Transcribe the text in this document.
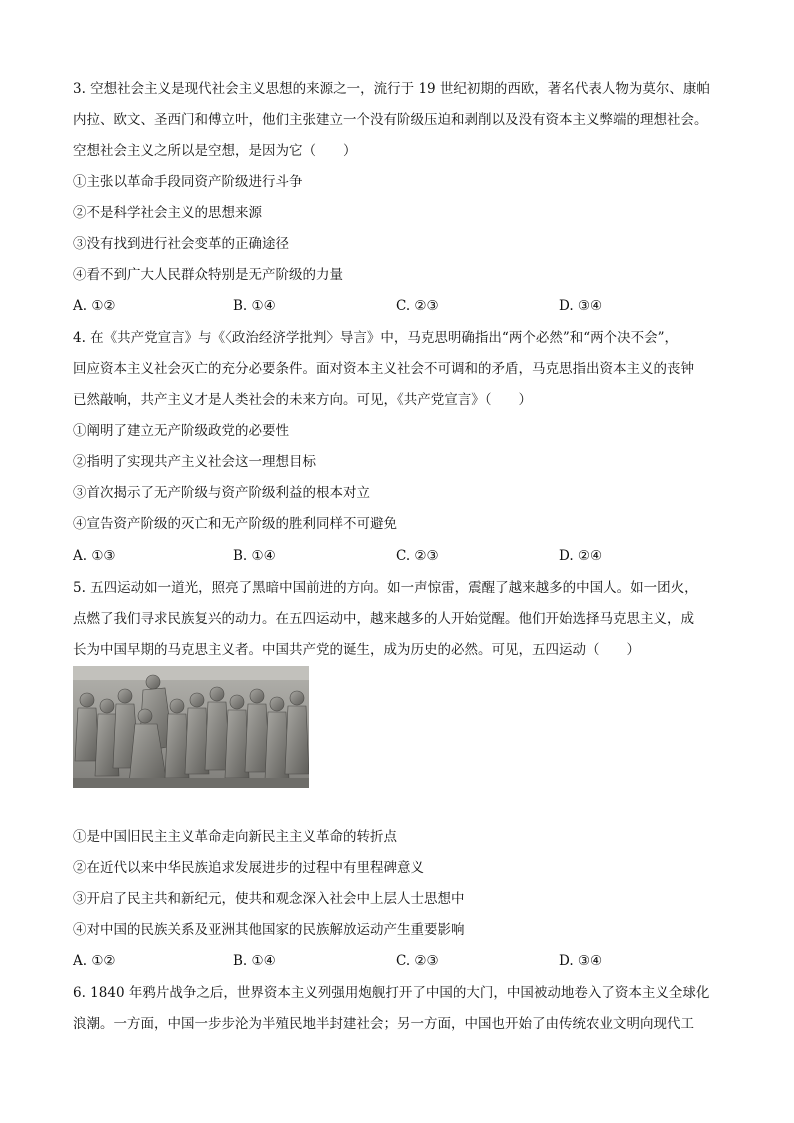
3. 空想社会主义是现代社会主义思想的来源之一，流行于 19 世纪初期的西欧，著名代表人物为莫尔、康帕
内拉、欧文、圣西门和傅立叶，他们主张建立一个没有阶级压迫和剥削以及没有资本主义弊端的理想社会。
空想社会主义之所以是空想，是因为它（　　）
①主张以革命手段同资产阶级进行斗争
②不是科学社会主义的思想来源
③没有找到进行社会变革的正确途径
④看不到广大人民群众特别是无产阶级的力量
A. ①②	B. ①④	C. ②③	D. ③④
4. 在《共产党宣言》与《〈政治经济学批判〉导言》中，马克思明确指出“两个必然”和“两个决不会”，
回应资本主义社会灭亡的充分必要条件。面对资本主义社会不可调和的矛盾，马克思指出资本主义的丧钟
已然敲响，共产主义才是人类社会的未来方向。可见，《共产党宣言》（　　）
①阐明了建立无产阶级政党的必要性
②指明了实现共产主义社会这一理想目标
③首次揭示了无产阶级与资产阶级利益的根本对立
④宣告资产阶级的灭亡和无产阶级的胜利同样不可避免
A. ①③	B. ①④	C. ②③	D. ②④
5. 五四运动如一道光，照亮了黑暗中国前进的方向。如一声惊雷，震醒了越来越多的中国人。如一团火，
点燃了我们寻求民族复兴的动力。在五四运动中，越来越多的人开始觉醒。他们开始选择马克思主义，成
长为中国早期的马克思主义者。中国共产党的诞生，成为历史的必然。可见，五四运动（　　）
①是中国旧民主主义革命走向新民主主义革命的转折点
②在近代以来中华民族追求发展进步的过程中有里程碑意义
③开启了民主共和新纪元，使共和观念深入社会中上层人士思想中
④对中国的民族关系及亚洲其他国家的民族解放运动产生重要影响
A. ①②	B. ①④	C. ②③	D. ③④
6. 1840 年鸦片战争之后，世界资本主义列强用炮舰打开了中国的大门，中国被动地卷入了资本主义全球化
浪潮。一方面，中国一步步沦为半殖民地半封建社会；另一方面，中国也开始了由传统农业文明向现代工
